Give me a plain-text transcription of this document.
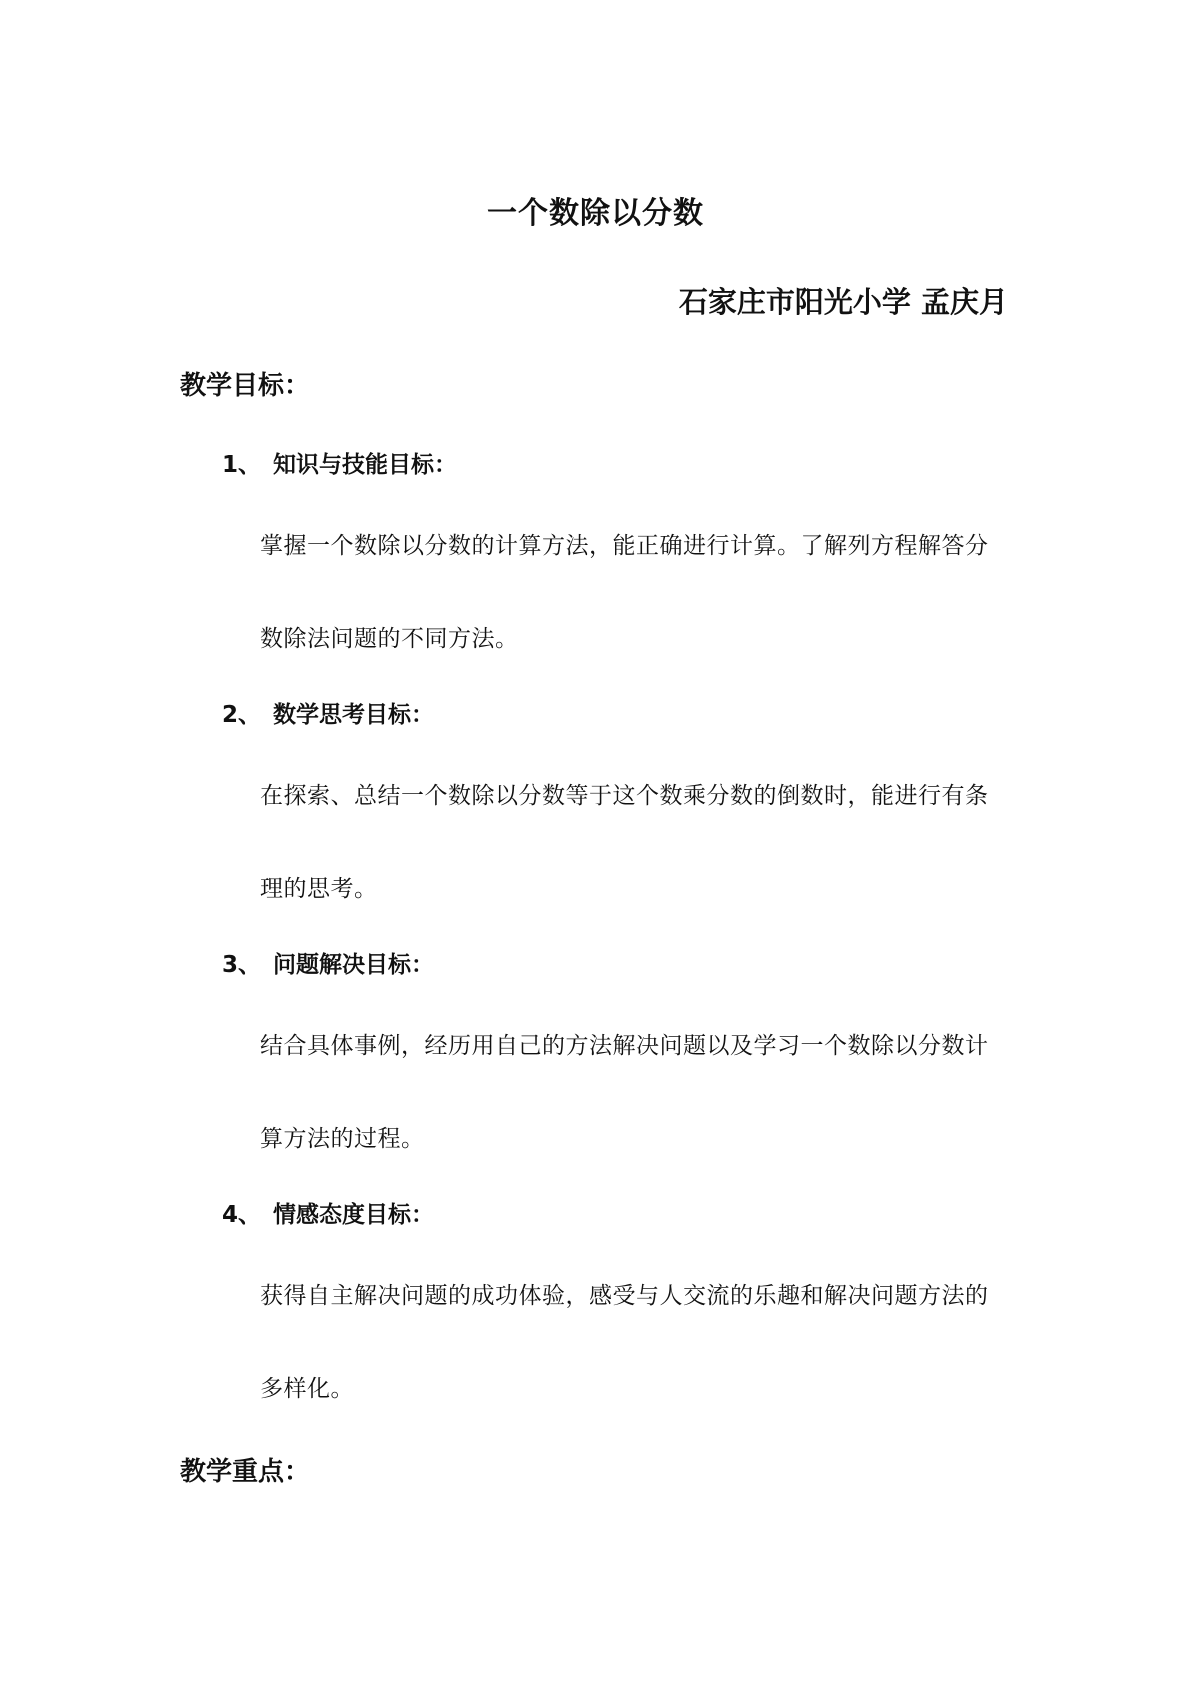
一个数除以分数
石家庄市阳光小学 孟庆月
教学目标：
1、 知识与技能目标：
掌握一个数除以分数的计算方法，能正确进行计算。了解列方程解答分
数除法问题的不同方法。
2、 数学思考目标：
在探索、总结一个数除以分数等于这个数乘分数的倒数时，能进行有条
理的思考。
3、 问题解决目标：
结合具体事例，经历用自己的方法解决问题以及学习一个数除以分数计
算方法的过程。
4、 情感态度目标：
获得自主解决问题的成功体验，感受与人交流的乐趣和解决问题方法的
多样化。
教学重点：
